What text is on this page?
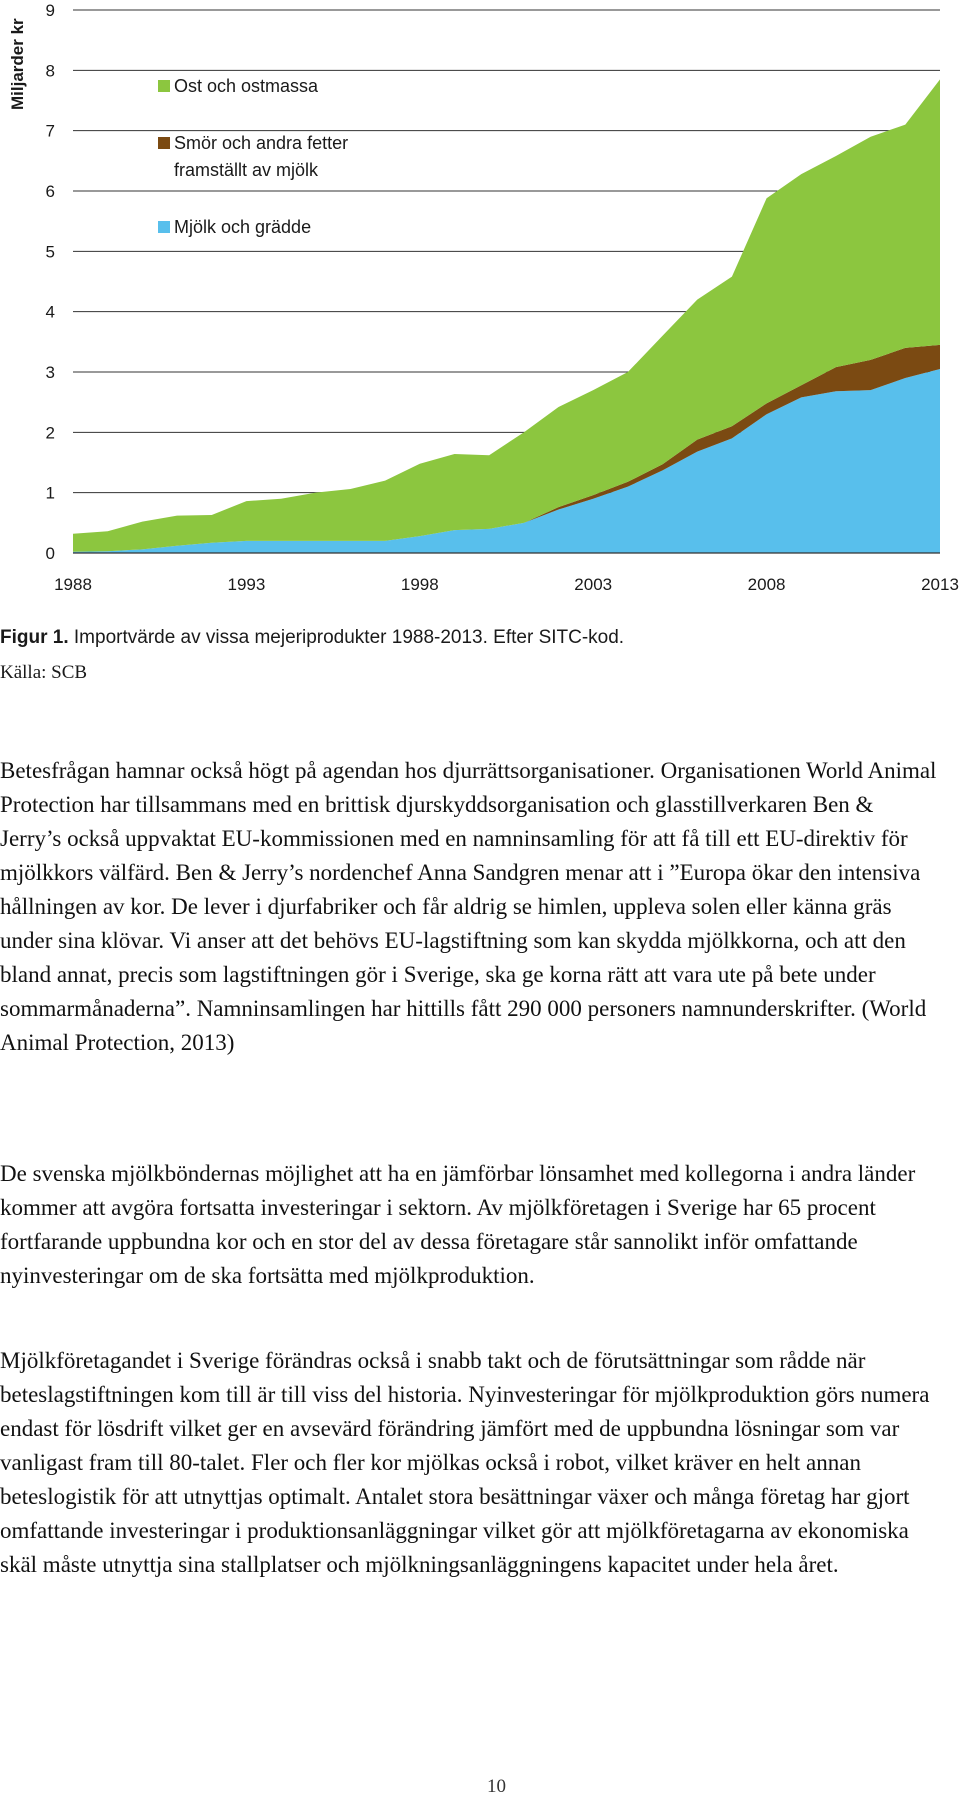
Miljarder kr
0
1
2
3
4
5
6
7
8
9
1988	1993	1998	2003	2008	2013
Ost och ostmassa
Smör och andra fetter framställt av mjölk
Mjölk och grädde
Figur 1. Importvärde av vissa mejeriprodukter 1988-2013. Efter SITC-kod.
Källa: SCB
Betesfrågan hamnar också högt på agendan hos djurrättsorganisationer. Organisationen World Animal Protection har tillsammans med en brittisk djurskyddsorganisation och glasstillverkaren Ben & Jerry’s också uppvaktat EU-kommissionen med en namninsamling för att få till ett EU-direktiv för mjölkkors välfärd. Ben & Jerry’s nordenchef Anna Sandgren menar att i ”Europa ökar den intensiva hållningen av kor. De lever i djurfabriker och får aldrig se himlen, uppleva solen eller känna gräs under sina klövar. Vi anser att det behövs EU-lagstiftning som kan skydda mjölkkorna, och att den bland annat, precis som lagstiftningen gör i Sverige, ska ge korna rätt att vara ute på bete under sommarmånaderna”. Namninsamlingen har hittills fått 290 000 personers namnunderskrifter. (World Animal Protection, 2013)
De svenska mjölkböndernas möjlighet att ha en jämförbar lönsamhet med kollegorna i andra länder kommer att avgöra fortsatta investeringar i sektorn. Av mjölkföretagen i Sverige har 65 procent fortfarande uppbundna kor och en stor del av dessa företagare står sannolikt inför omfattande nyinvesteringar om de ska fortsätta med mjölkproduktion.
Mjölkföretagandet i Sverige förändras också i snabb takt och de förutsättningar som rådde när beteslagstiftningen kom till är till viss del historia. Nyinvesteringar för mjölkproduktion görs numera endast för lösdrift vilket ger en avsevärd förändring jämfört med de uppbundna lösningar som var vanligast fram till 80-talet. Fler och fler kor mjölkas också i robot, vilket kräver en helt annan beteslogistik för att utnyttjas optimalt. Antalet stora besättningar växer och många företag har gjort omfattande investeringar i produktionsanläggningar vilket gör att mjölkföretagarna av ekonomiska skäl måste utnyttja sina stallplatser och mjölkningsanläggningens kapacitet under hela året.
10
